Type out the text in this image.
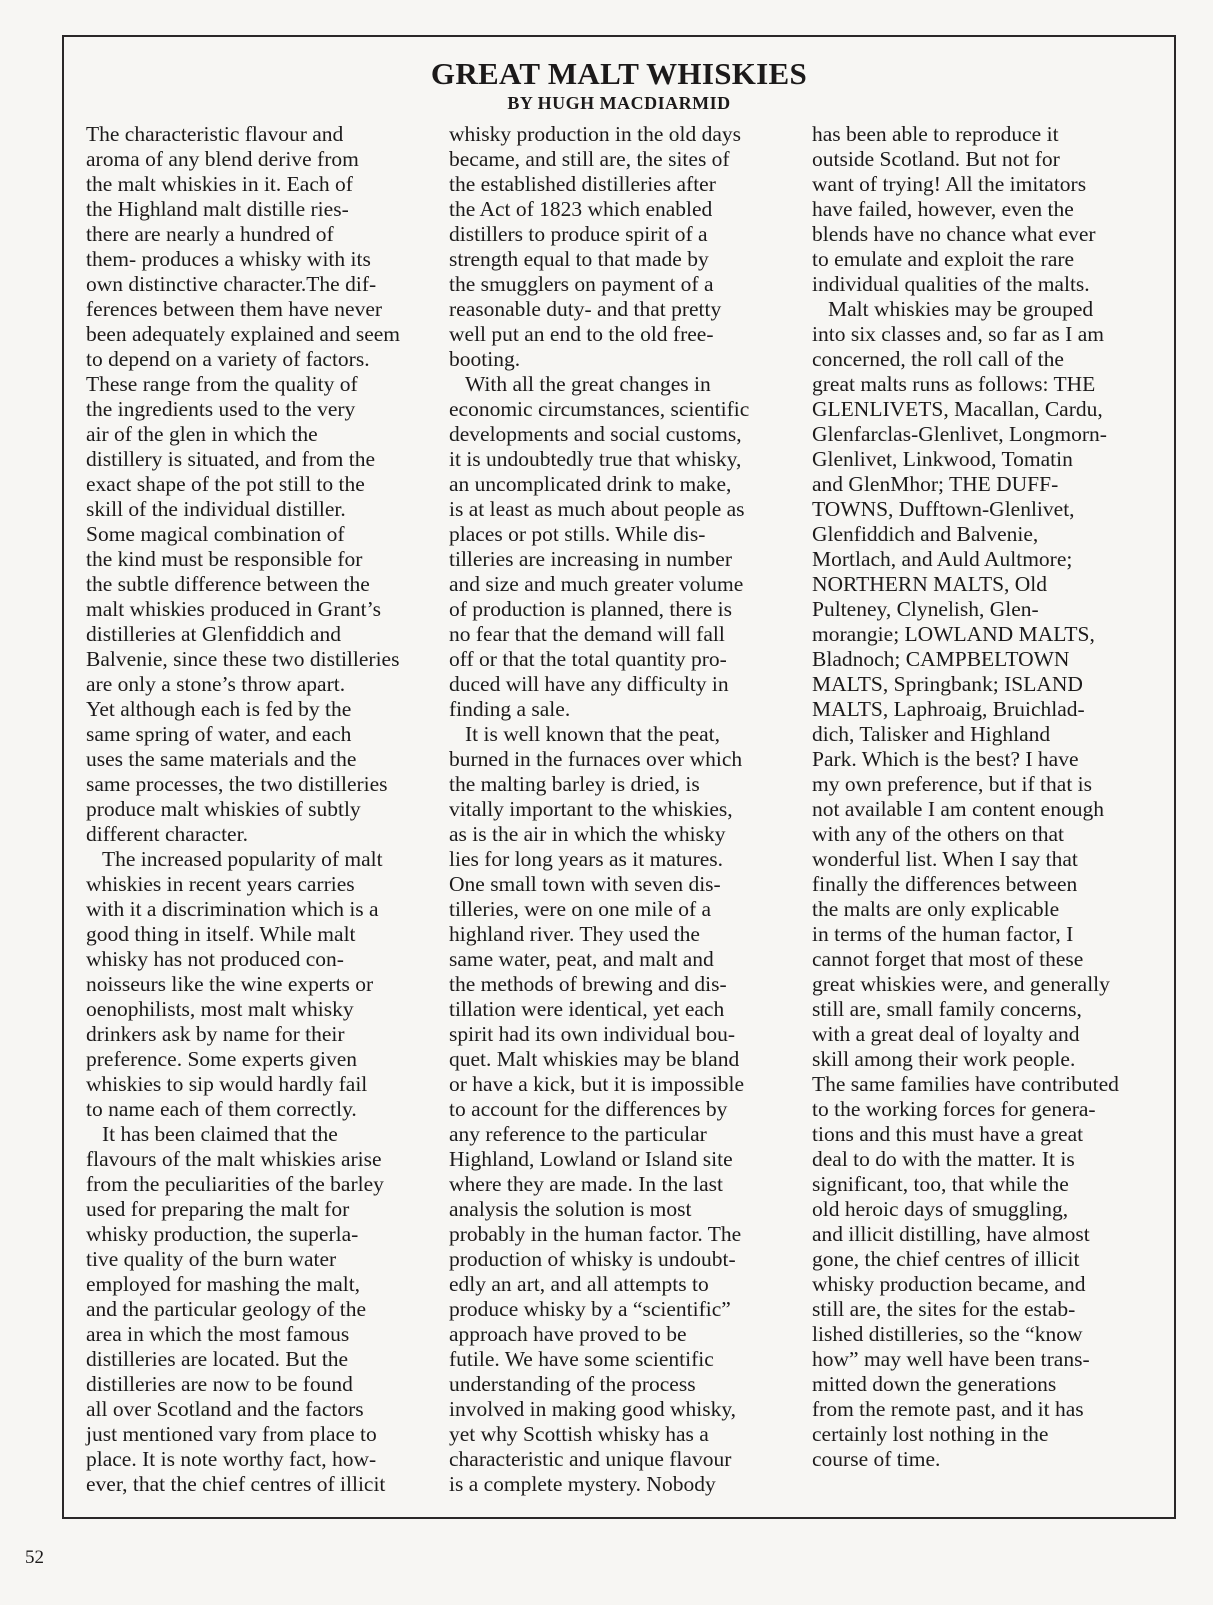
GREAT MALT WHISKIES
BY HUGH MACDIARMID
The characteristic flavour and
aroma of any blend derive from
the malt whiskies in it. Each of
the Highland malt distille ries-
there are nearly a hundred of
them- produces a whisky with its
own distinctive character.The dif-
ferences between them have never
been adequately explained and seem
to depend on a variety of factors.
These range from the quality of
the ingredients used to the very
air of the glen in which the
distillery is situated, and from the
exact shape of the pot still to the
skill of the individual distiller.
Some magical combination of
the kind must be responsible for
the subtle difference between the
malt whiskies produced in Grant’s
distilleries at Glenfiddich and
Balvenie, since these two distilleries
are only a stone’s throw apart.
Yet although each is fed by the
same spring of water, and each
uses the same materials and the
same processes, the two distilleries
produce malt whiskies of subtly
different character.
The increased popularity of malt
whiskies in recent years carries
with it a discrimination which is a
good thing in itself. While malt
whisky has not produced con-
noisseurs like the wine experts or
oenophilists, most malt whisky
drinkers ask by name for their
preference. Some experts given
whiskies to sip would hardly fail
to name each of them correctly.
It has been claimed that the
flavours of the malt whiskies arise
from the peculiarities of the barley
used for preparing the malt for
whisky production, the superla-
tive quality of the burn water
employed for mashing the malt,
and the particular geology of the
area in which the most famous
distilleries are located. But the
distilleries are now to be found
all over Scotland and the factors
just mentioned vary from place to
place. It is note worthy fact, how-
ever, that the chief centres of illicit
whisky production in the old days
became, and still are, the sites of
the established distilleries after
the Act of 1823 which enabled
distillers to produce spirit of a
strength equal to that made by
the smugglers on payment of a
reasonable duty- and that pretty
well put an end to the old free-
booting.
With all the great changes in
economic circumstances, scientific
developments and social customs,
it is undoubtedly true that whisky,
an uncomplicated drink to make,
is at least as much about people as
places or pot stills. While dis-
tilleries are increasing in number
and size and much greater volume
of production is planned, there is
no fear that the demand will fall
off or that the total quantity pro-
duced will have any difficulty in
finding a sale.
It is well known that the peat,
burned in the furnaces over which
the malting barley is dried, is
vitally important to the whiskies,
as is the air in which the whisky
lies for long years as it matures.
One small town with seven dis-
tilleries, were on one mile of a
highland river. They used the
same water, peat, and malt and
the methods of brewing and dis-
tillation were identical, yet each
spirit had its own individual bou-
quet. Malt whiskies may be bland
or have a kick, but it is impossible
to account for the differences by
any reference to the particular
Highland, Lowland or Island site
where they are made. In the last
analysis the solution is most
probably in the human factor. The
production of whisky is undoubt-
edly an art, and all attempts to
produce whisky by a “scientific”
approach have proved to be
futile. We have some scientific
understanding of the process
involved in making good whisky,
yet why Scottish whisky has a
characteristic and unique flavour
is a complete mystery. Nobody
has been able to reproduce it
outside Scotland. But not for
want of trying! All the imitators
have failed, however, even the
blends have no chance what ever
to emulate and exploit the rare
individual qualities of the malts.
Malt whiskies may be grouped
into six classes and, so far as I am
concerned, the roll call of the
great malts runs as follows: THE
GLENLIVETS, Macallan, Cardu,
Glenfarclas-Glenlivet, Longmorn-
Glenlivet, Linkwood, Tomatin
and GlenMhor; THE DUFF-
TOWNS, Dufftown-Glenlivet,
Glenfiddich and Balvenie,
Mortlach, and Auld Aultmore;
NORTHERN MALTS, Old
Pulteney, Clynelish, Glen-
morangie; LOWLAND MALTS,
Bladnoch; CAMPBELTOWN
MALTS, Springbank; ISLAND
MALTS, Laphroaig, Bruichlad-
dich, Talisker and Highland
Park. Which is the best? I have
my own preference, but if that is
not available I am content enough
with any of the others on that
wonderful list. When I say that
finally the differences between
the malts are only explicable
in terms of the human factor, I
cannot forget that most of these
great whiskies were, and generally
still are, small family concerns,
with a great deal of loyalty and
skill among their work people.
The same families have contributed
to the working forces for genera-
tions and this must have a great
deal to do with the matter. It is
significant, too, that while the
old heroic days of smuggling,
and illicit distilling, have almost
gone, the chief centres of illicit
whisky production became, and
still are, the sites for the estab-
lished distilleries, so the “know
how” may well have been trans-
mitted down the generations
from the remote past, and it has
certainly lost nothing in the
course of time.
52
